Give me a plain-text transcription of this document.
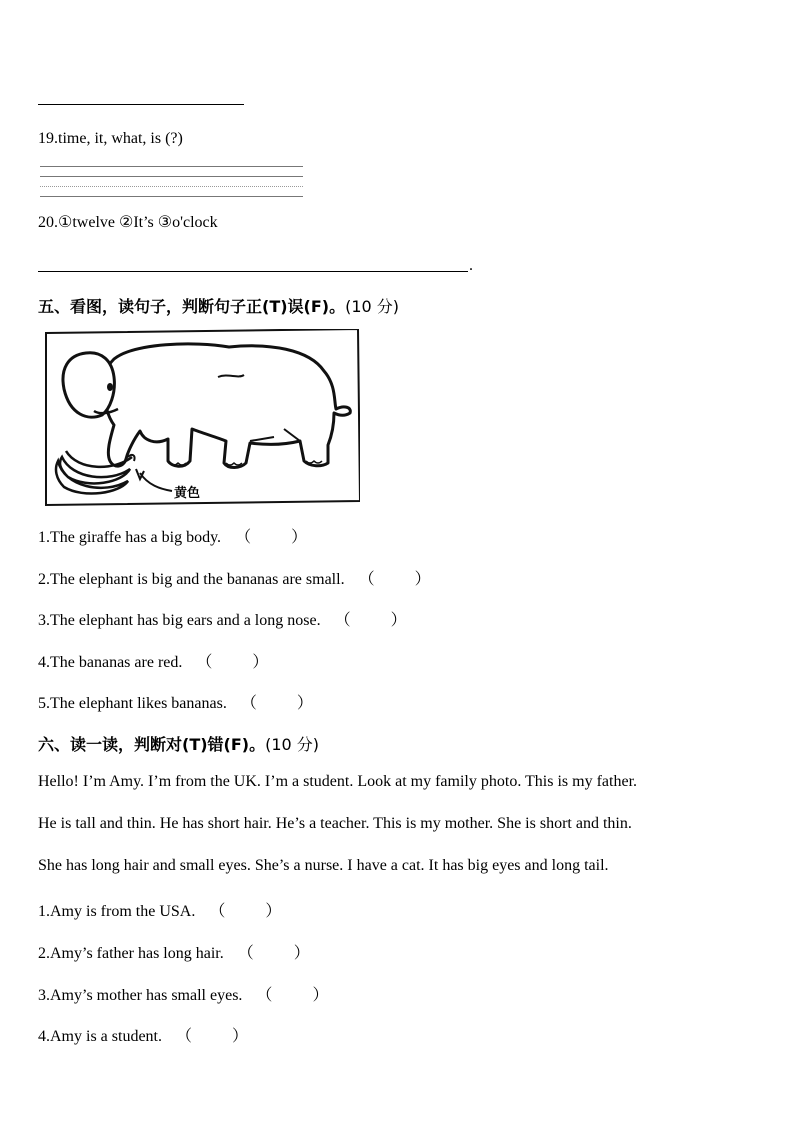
19.time, it, what, is (?)
20.①twelve ②It’s ③o'clock
.
五、看图，读句子，判断句子正(T)误(F)。(10 分)
黄色
1.The giraffe has a big body. （	）
2.The elephant is big and the bananas are small. （	）
3.The elephant has big ears and a long nose. （	）
4.The bananas are red. （	）
5.The elephant likes bananas. （	）
六、读一读，判断对(T)错(F)。(10 分)
Hello! I’m Amy. I’m from the UK. I’m a student. Look at my family photo. This is my father.
He is tall and thin. He has short hair. He’s a teacher. This is my mother. She is short and thin.
She has long hair and small eyes. She’s a nurse. I have a cat. It has big eyes and long tail.
1.Amy is from the USA. （	）
2.Amy’s father has long hair. （	）
3.Amy’s mother has small eyes. （	）
4.Amy is a student. （	）
